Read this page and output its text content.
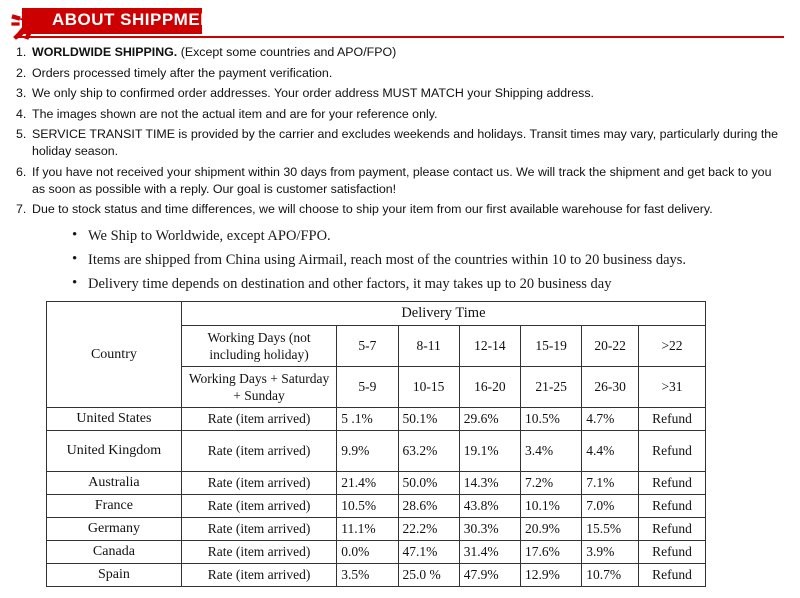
ABOUT SHIPPMENT
1. WORLDWIDE SHIPPING. (Except some countries and APO/FPO)
2. Orders processed timely after the payment verification.
3. We only ship to confirmed order addresses. Your order address MUST MATCH your Shipping address.
4. The images shown are not the actual item and are for your reference only.
5. SERVICE TRANSIT TIME is provided by the carrier and excludes weekends and holidays. Transit times may vary, particularly during the holiday season.
6. If you have not received your shipment within 30 days from payment, please contact us. We will track the shipment and get back to you as soon as possible with a reply. Our goal is customer satisfaction!
7. Due to stock status and time differences, we will choose to ship your item from our first available warehouse for fast delivery.
• We Ship to Worldwide, except APO/FPO.
• Items are shipped from China using Airmail, reach most of the countries within 10 to 20 business days.
• Delivery time depends on destination and other factors, it may takes up to 20 business day
Country	Delivery Time						
	Working Days (not including holiday)	5-7	8-11	12-14	15-19	20-22	>22
	Working Days + Saturday + Sunday	5-9	10-15	16-20	21-25	26-30	>31
United States	Rate (item arrived)	5 .1%	50.1%	29.6%	10.5%	4.7%	Refund
United Kingdom	Rate (item arrived)	9.9%	63.2%	19.1%	3.4%	4.4%	Refund
Australia	Rate (item arrived)	21.4%	50.0%	14.3%	7.2%	7.1%	Refund
France	Rate (item arrived)	10.5%	28.6%	43.8%	10.1%	7.0%	Refund
Germany	Rate (item arrived)	11.1%	22.2%	30.3%	20.9%	15.5%	Refund
Canada	Rate (item arrived)	0.0%	47.1%	31.4%	17.6%	3.9%	Refund
Spain	Rate (item arrived)	3.5%	25.0 %	47.9%	12.9%	10.7%	Refund
